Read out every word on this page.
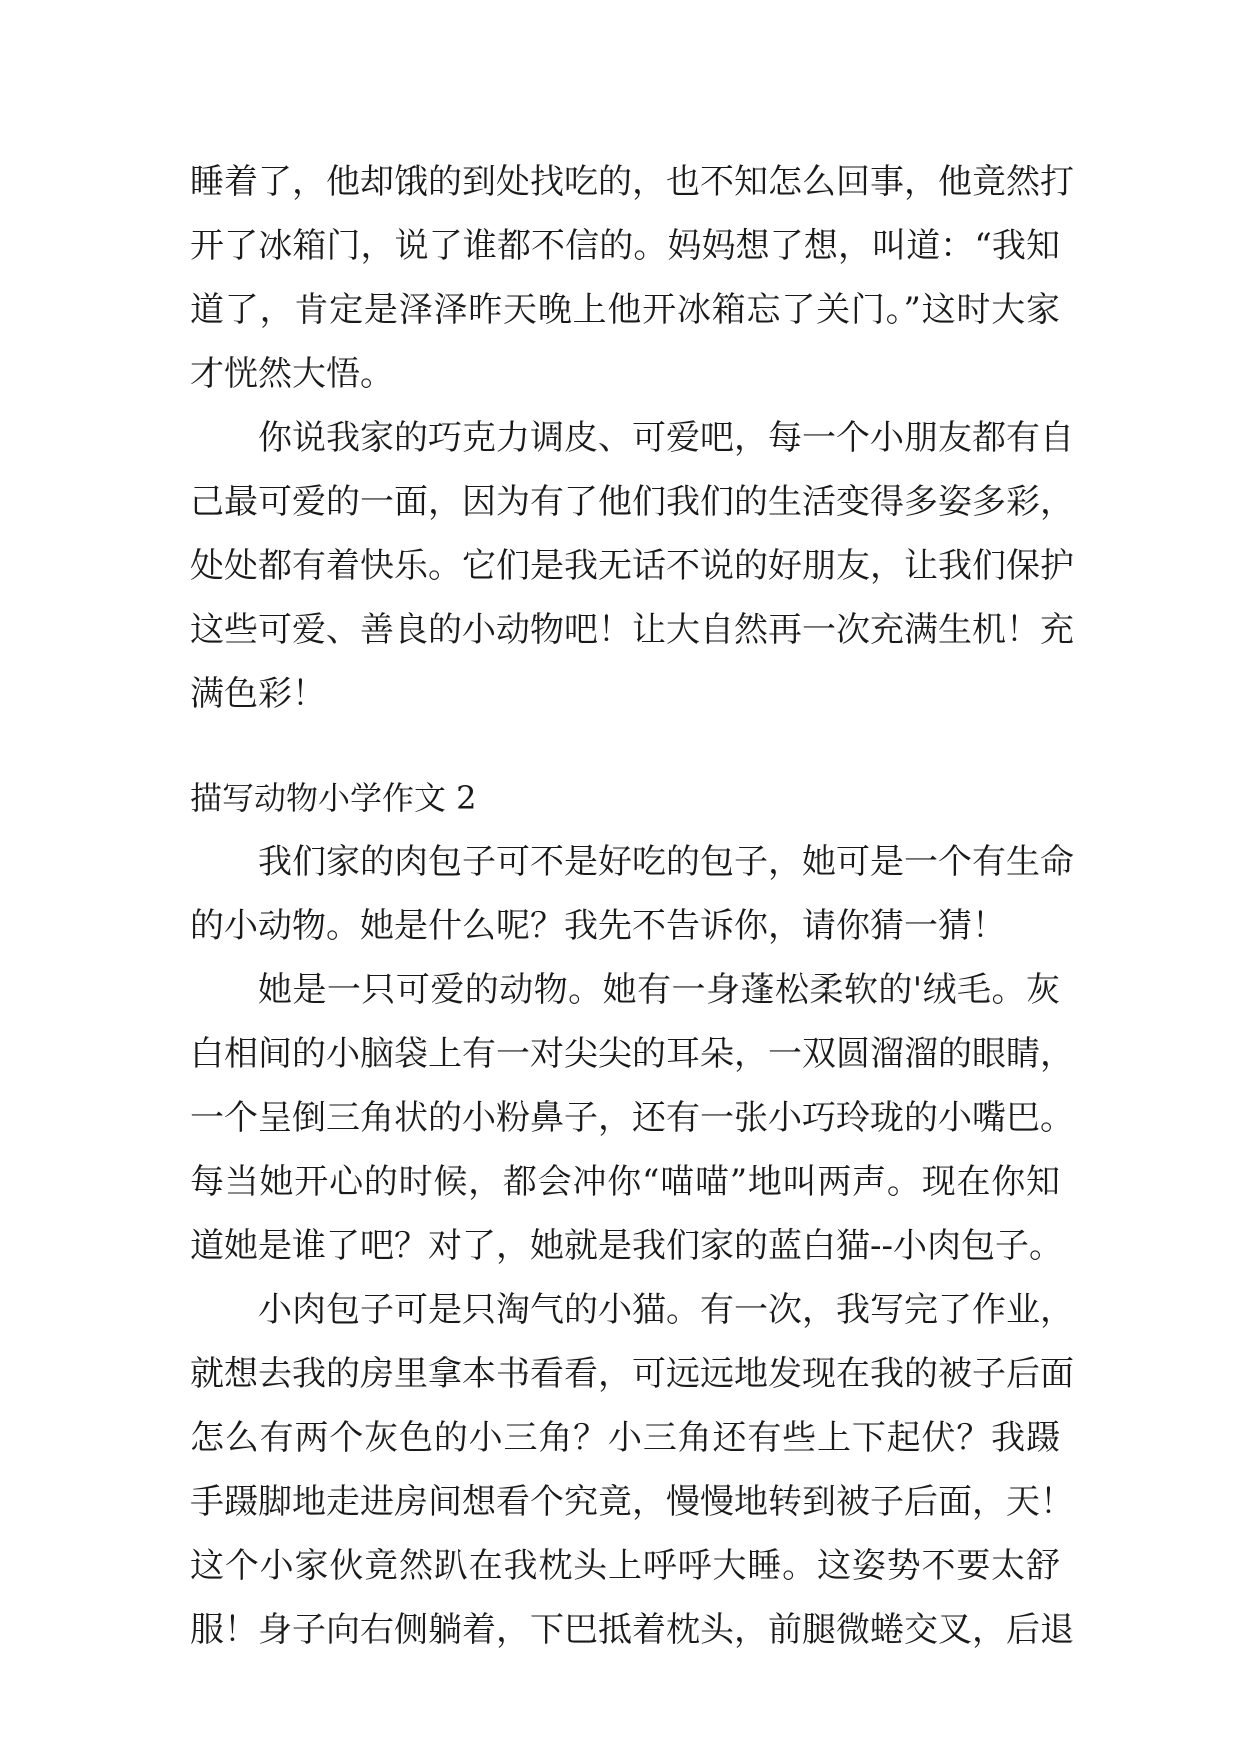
睡着了，他却饿的到处找吃的，也不知怎么回事，他竟然打

开了冰箱门，说了谁都不信的。妈妈想了想，叫道：“我知

道了，肯定是泽泽昨天晚上他开冰箱忘了关门。”这时大家

才恍然大悟。

你说我家的巧克力调皮、可爱吧，每一个小朋友都有自

己最可爱的一面，因为有了他们我们的生活变得多姿多彩，

处处都有着快乐。它们是我无话不说的好朋友，让我们保护

这些可爱、善良的小动物吧！让大自然再一次充满生机！充

满色彩！

描写动物小学作文 2

我们家的肉包子可不是好吃的包子，她可是一个有生命

的小动物。她是什么呢？我先不告诉你，请你猜一猜！

她是一只可爱的动物。她有一身蓬松柔软的'绒毛。灰

白相间的小脑袋上有一对尖尖的耳朵，一双圆溜溜的眼睛，

一个呈倒三角状的小粉鼻子，还有一张小巧玲珑的小嘴巴。

每当她开心的时候，都会冲你“喵喵”地叫两声。现在你知

道她是谁了吧？对了，她就是我们家的蓝白猫--小肉包子。

小肉包子可是只淘气的小猫。有一次，我写完了作业，

就想去我的房里拿本书看看，可远远地发现在我的被子后面

怎么有两个灰色的小三角？小三角还有些上下起伏？我蹑

手蹑脚地走进房间想看个究竟，慢慢地转到被子后面，天！

这个小家伙竟然趴在我枕头上呼呼大睡。这姿势不要太舒

服！身子向右侧躺着，下巴抵着枕头，前腿微蜷交叉，后退
